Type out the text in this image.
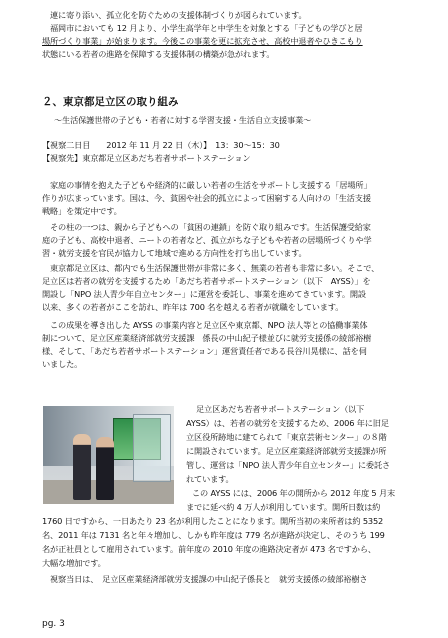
連に寄り添い、孤立化を防ぐための支援体制づくりが図られています。
福岡市においても 12 月より、小学生高学年と中学生を対象とする「子どもの学びと居
場所づくり事業」が始まります。今後この事業を更に拡充させ、高校中退者やひきこもり
状態にいる若者の進路を保障する支援体制の構築が急がれます。
２、東京都足立区の取り組み
～生活保護世帯の子ども・若者に対する学習支援・生活自立支援事業～
【視察二日目　　2012 年 11 月 22 日（木）】　13：30～15：30
【視察先】東京都足立区あだち若者サポートステーション
家庭の事情を抱えた子どもや経済的に厳しい若者の生活をサポートし支援する「居場所」
作りが広まっています。国は、今、貧困や社会的孤立によって困窮する人向けの「生活支援
戦略」を策定中です。
その柱の一つは、親から子どもへの「貧困の連鎖」を防ぐ取り組みです。生活保護受給家
庭の子ども、高校中退者、ニートの若者など、孤立がちな子どもや若者の居場所づくりや学
習・就労支援を官民が協力して地域で進める方向性を打ち出しています。
東京都足立区は、都内でも生活保護世帯が非常に多く、無業の若者も非常に多い。そこで、
足立区は若者の就労を支援するため「あだち若者サポートステーション（以下　AYSS）」を
開設し「NPO 法人青少年自立センター」に運営を委託し、事業を進めてきています。開設
以来、多くの若者がここを訪れ、昨年は 700 名を越える若者が就職をしています。
この成果を導き出した AYSS の事業内容と足立区や東京都、NPO 法人等との協働事業体
制について、足立区産業経済部就労支援課　係長の中山紀子様並びに就労支援係の綾部裕樹
様、そして、「あだち若者サポートステーション」運営責任者である長谷川晃様に、話を伺
いました。
足立区あだち若者サポートステーション（以下
AYSS）は、若者の就労を支援するため、2006 年に旧足
立区役所跡地に建てられて「東京芸術センター」の８階
に開設されています。足立区産業経済部就労支援課が所
管し、運営は「NPO 法人青少年自立センター」に委託さ
れています。
この AYSS には、2006 年の開所から 2012 年度 5 月末
までに延べ約 4 万人が利用しています。開所日数は約
1760 日ですから、一日あたり 23 名が利用したことになります。開所当初の来所者は約 5352
名、2011 年は 7131 名と年々増加し、しかも昨年度は 779 名が進路が決定し、そのうち 199
名が正社員として雇用されています。前年度の 2010 年度の進路決定者が 473 名ですから、
大幅な増加です。
視察当日は、　足立区産業経済部就労支援課の中山紀子係長と　就労支援係の綾部裕樹さ
pg. 3
